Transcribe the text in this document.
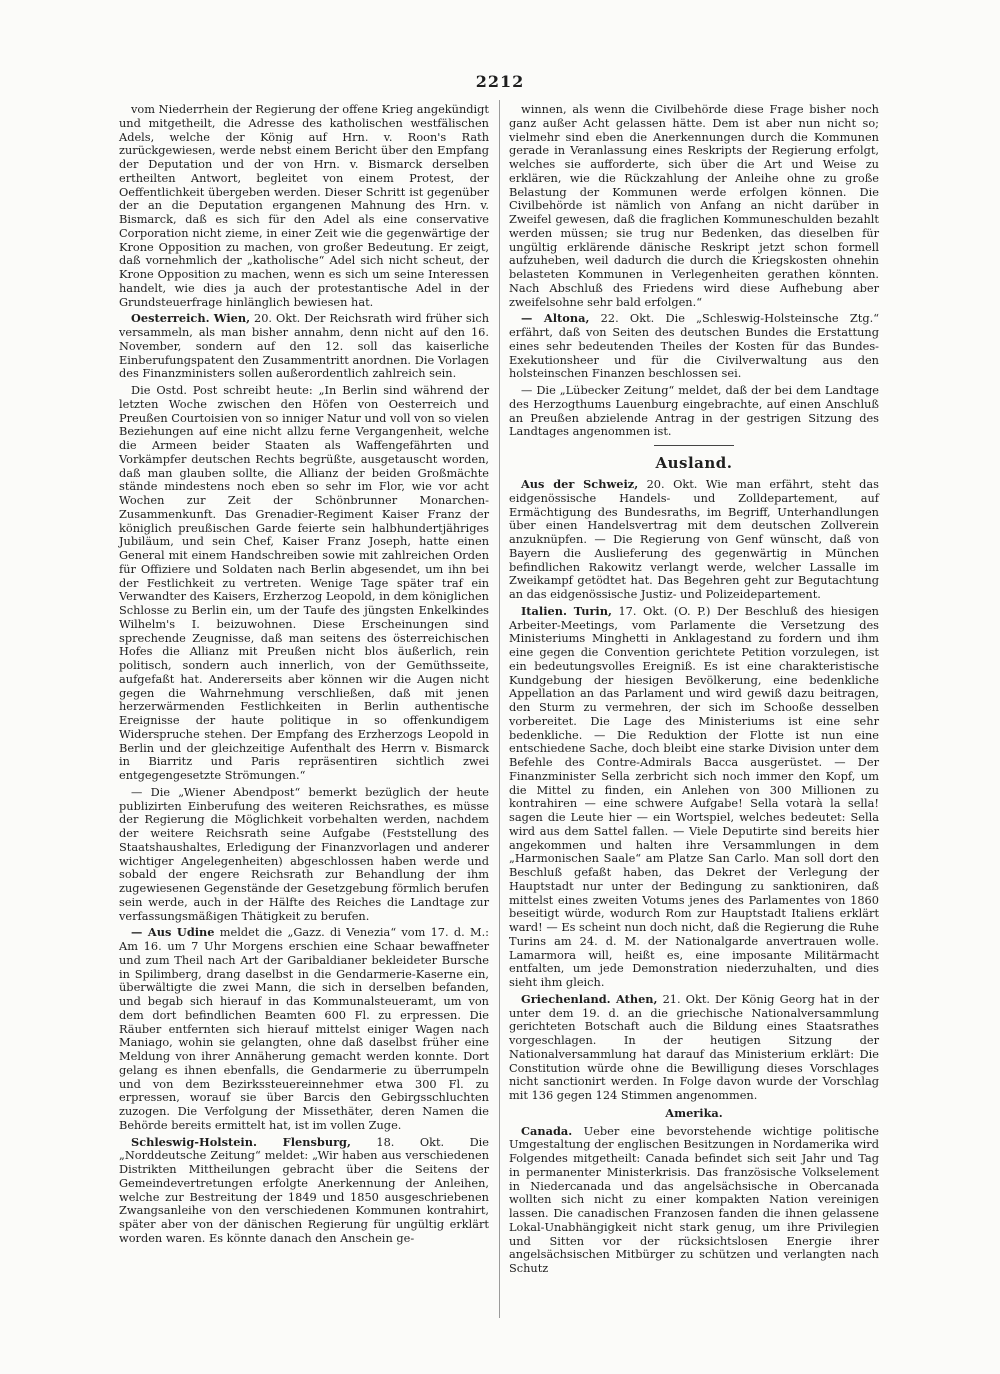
2212

vom Niederrhein der Regierung der offene Krieg angekündigt und mitgetheilt, die Adresse des katholischen westfälischen Adels, welche der König auf Hrn. v. Roon's Rath zurückgewiesen, werde nebst einem Bericht über den Empfang der Deputation und der von Hrn. v. Bismarck derselben ertheilten Antwort, begleitet von einem Protest, der Oeffentlichkeit übergeben werden. Dieser Schritt ist gegenüber der an die Deputation ergangenen Mahnung des Hrn. v. Bismarck, daß es sich für den Adel als eine conservative Corporation nicht zieme, in einer Zeit wie die gegenwärtige der Krone Opposition zu machen, von großer Bedeutung. Er zeigt, daß vornehmlich der „katholische“ Adel sich nicht scheut, der Krone Opposition zu machen, wenn es sich um seine Interessen handelt, wie dies ja auch der protestantische Adel in der Grundsteuerfrage hinlänglich bewiesen hat.

Oesterreich. Wien, 20. Okt. Der Reichsrath wird früher sich versammeln, als man bisher annahm, denn nicht auf den 16. November, sondern auf den 12. soll das kaiserliche Einberufungspatent den Zusammentritt anordnen. Die Vorlagen des Finanzministers sollen außerordentlich zahlreich sein.

Die Ostd. Post schreibt heute: „In Berlin sind während der letzten Woche zwischen den Höfen von Oesterreich und Preußen Courtoisien von so inniger Natur und voll von so vielen Beziehungen auf eine nicht allzu ferne Vergangenheit, welche die Armeen beider Staaten als Waffengefährten und Vorkämpfer deutschen Rechts begrüßte, ausgetauscht worden, daß man glauben sollte, die Allianz der beiden Großmächte stände mindestens noch eben so sehr im Flor, wie vor acht Wochen zur Zeit der Schönbrunner Monarchen-Zusammenkunft. Das Grenadier-Regiment Kaiser Franz der königlich preußischen Garde feierte sein halbhundertjähriges Jubiläum, und sein Chef, Kaiser Franz Joseph, hatte einen General mit einem Handschreiben sowie mit zahlreichen Orden für Offiziere und Soldaten nach Berlin abgesendet, um ihn bei der Festlichkeit zu vertreten. Wenige Tage später traf ein Verwandter des Kaisers, Erzherzog Leopold, in dem königlichen Schlosse zu Berlin ein, um der Taufe des jüngsten Enkelkindes Wilhelm's I. beizuwohnen. Diese Erscheinungen sind sprechende Zeugnisse, daß man seitens des österreichischen Hofes die Allianz mit Preußen nicht blos äußerlich, rein politisch, sondern auch innerlich, von der Gemüthsseite, aufgefaßt hat. Andererseits aber können wir die Augen nicht gegen die Wahrnehmung verschließen, daß mit jenen herzerwärmenden Festlichkeiten in Berlin authentische Ereignisse der haute politique in so offenkundigem Widerspruche stehen. Der Empfang des Erzherzogs Leopold in Berlin und der gleichzeitige Aufenthalt des Herrn v. Bismarck in Biarritz und Paris repräsentiren sichtlich zwei entgegengesetzte Strömungen.“

— Die „Wiener Abendpost“ bemerkt bezüglich der heute publizirten Einberufung des weiteren Reichsrathes, es müsse der Regierung die Möglichkeit vorbehalten werden, nachdem der weitere Reichsrath seine Aufgabe (Feststellung des Staatshaushaltes, Erledigung der Finanzvorlagen und anderer wichtiger Angelegenheiten) abgeschlossen haben werde und sobald der engere Reichsrath zur Behandlung der ihm zugewiesenen Gegenstände der Gesetzgebung förmlich berufen sein werde, auch in der Hälfte des Reiches die Landtage zur verfassungsmäßigen Thätigkeit zu berufen.

— Aus Udine meldet die „Gazz. di Venezia“ vom 17. d. M.: Am 16. um 7 Uhr Morgens erschien eine Schaar bewaffneter und zum Theil nach Art der Garibaldianer bekleideter Bursche in Spilimberg, drang daselbst in die Gendarmerie-Kaserne ein, überwältigte die zwei Mann, die sich in derselben befanden, und begab sich hierauf in das Kommunalsteueramt, um von dem dort befindlichen Beamten 600 Fl. zu erpressen. Die Räuber entfernten sich hierauf mittelst einiger Wagen nach Maniago, wohin sie gelangten, ohne daß daselbst früher eine Meldung von ihrer Annäherung gemacht werden konnte. Dort gelang es ihnen ebenfalls, die Gendarmerie zu überrumpeln und von dem Bezirkssteuereinnehmer etwa 300 Fl. zu erpressen, worauf sie über Barcis den Gebirgsschluchten zuzogen. Die Verfolgung der Missethäter, deren Namen die Behörde bereits ermittelt hat, ist im vollen Zuge.

Schleswig-Holstein. Flensburg, 18. Okt. Die „Norddeutsche Zeitung“ meldet: „Wir haben aus verschiedenen Distrikten Mittheilungen gebracht über die Seitens der Gemeindevertretungen erfolgte Anerkennung der Anleihen, welche zur Bestreitung der 1849 und 1850 ausgeschriebenen Zwangsanleihe von den verschiedenen Kommunen kontrahirt, später aber von der dänischen Regierung für ungültig erklärt worden waren. Es könnte danach den Anschein ge-

winnen, als wenn die Civilbehörde diese Frage bisher noch ganz außer Acht gelassen hätte. Dem ist aber nun nicht so; vielmehr sind eben die Anerkennungen durch die Kommunen gerade in Veranlassung eines Reskripts der Regierung erfolgt, welches sie aufforderte, sich über die Art und Weise zu erklären, wie die Rückzahlung der Anleihe ohne zu große Belastung der Kommunen werde erfolgen können. Die Civilbehörde ist nämlich von Anfang an nicht darüber in Zweifel gewesen, daß die fraglichen Kommuneschulden bezahlt werden müssen; sie trug nur Bedenken, das dieselben für ungültig erklärende dänische Reskript jetzt schon formell aufzuheben, weil dadurch die durch die Kriegskosten ohnehin belasteten Kommunen in Verlegenheiten gerathen könnten. Nach Abschluß des Friedens wird diese Aufhebung aber zweifelsohne sehr bald erfolgen.“

— Altona, 22. Okt. Die „Schleswig-Holsteinsche Ztg.“ erfährt, daß von Seiten des deutschen Bundes die Erstattung eines sehr bedeutenden Theiles der Kosten für das Bundes-Exekutionsheer und für die Civilverwaltung aus den holsteinschen Finanzen beschlossen sei.

— Die „Lübecker Zeitung“ meldet, daß der bei dem Landtage des Herzogthums Lauenburg eingebrachte, auf einen Anschluß an Preußen abzielende Antrag in der gestrigen Sitzung des Landtages angenommen ist.

Ausland.

Aus der Schweiz, 20. Okt. Wie man erfährt, steht das eidgenössische Handels- und Zolldepartement, auf Ermächtigung des Bundesraths, im Begriff, Unterhandlungen über einen Handelsvertrag mit dem deutschen Zollverein anzuknüpfen. — Die Regierung von Genf wünscht, daß von Bayern die Auslieferung des gegenwärtig in München befindlichen Rakowitz verlangt werde, welcher Lassalle im Zweikampf getödtet hat. Das Begehren geht zur Begutachtung an das eidgenössische Justiz- und Polizeidepartement.

Italien. Turin, 17. Okt. (O. P.) Der Beschluß des hiesigen Arbeiter-Meetings, vom Parlamente die Versetzung des Ministeriums Minghetti in Anklagestand zu fordern und ihm eine gegen die Convention gerichtete Petition vorzulegen, ist ein bedeutungsvolles Ereigniß. Es ist eine charakteristische Kundgebung der hiesigen Bevölkerung, eine bedenkliche Appellation an das Parlament und wird gewiß dazu beitragen, den Sturm zu vermehren, der sich im Schooße desselben vorbereitet. Die Lage des Ministeriums ist eine sehr bedenkliche. — Die Reduktion der Flotte ist nun eine entschiedene Sache, doch bleibt eine starke Division unter dem Befehle des Contre-Admirals Bacca ausgerüstet. — Der Finanzminister Sella zerbricht sich noch immer den Kopf, um die Mittel zu finden, ein Anlehen von 300 Millionen zu kontrahiren — eine schwere Aufgabe! Sella votarà la sella! sagen die Leute hier — ein Wortspiel, welches bedeutet: Sella wird aus dem Sattel fallen. — Viele Deputirte sind bereits hier angekommen und halten ihre Versammlungen in dem „Harmonischen Saale“ am Platze San Carlo. Man soll dort den Beschluß gefaßt haben, das Dekret der Verlegung der Hauptstadt nur unter der Bedingung zu sanktioniren, daß mittelst eines zweiten Votums jenes des Parlamentes von 1860 beseitigt würde, wodurch Rom zur Hauptstadt Italiens erklärt ward! — Es scheint nun doch nicht, daß die Regierung die Ruhe Turins am 24. d. M. der Nationalgarde anvertrauen wolle. Lamarmora will, heißt es, eine imposante Militärmacht entfalten, um jede Demonstration niederzuhalten, und dies sieht ihm gleich.

Griechenland. Athen, 21. Okt. Der König Georg hat in der unter dem 19. d. an die griechische Nationalversammlung gerichteten Botschaft auch die Bildung eines Staatsrathes vorgeschlagen. In der heutigen Sitzung der Nationalversammlung hat darauf das Ministerium erklärt: Die Constitution würde ohne die Bewilligung dieses Vorschlages nicht sanctionirt werden. In Folge davon wurde der Vorschlag mit 136 gegen 124 Stimmen angenommen.

Amerika.

Canada. Ueber eine bevorstehende wichtige politische Umgestaltung der englischen Besitzungen in Nordamerika wird Folgendes mitgetheilt: Canada befindet sich seit Jahr und Tag in permanenter Ministerkrisis. Das französische Volkselement in Niedercanada und das angelsächsische in Obercanada wollten sich nicht zu einer kompakten Nation vereinigen lassen. Die canadischen Franzosen fanden die ihnen gelassene Lokal-Unabhängigkeit nicht stark genug, um ihre Privilegien und Sitten vor der rücksichtslosen Energie ihrer angelsächsischen Mitbürger zu schützen und verlangten nach Schutz
